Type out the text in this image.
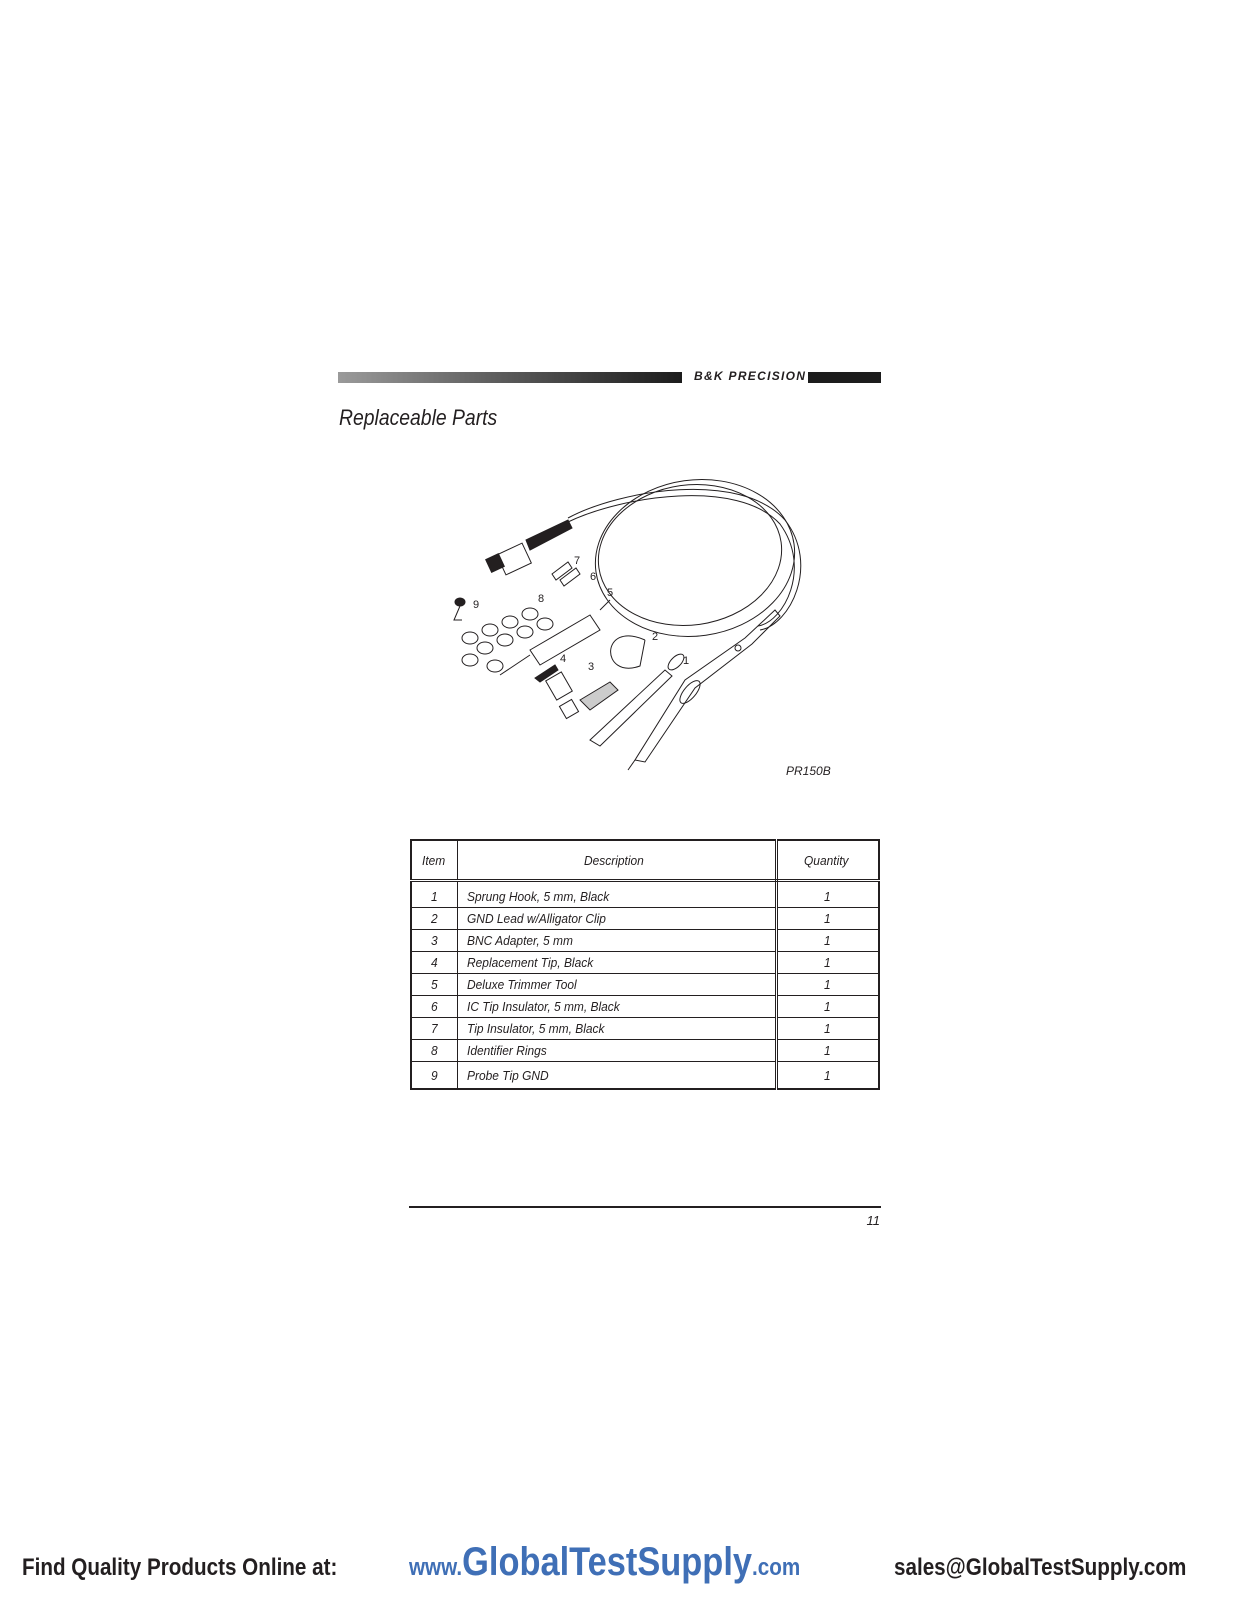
B&K PRECISION
Replaceable Parts
7
6
5
8
9
2
1
4
3
PR150B
Item	Description	Quantity
1	Sprung Hook, 5 mm, Black	1
2	GND Lead w/Alligator Clip	1
3	BNC Adapter, 5 mm	1
4	Replacement Tip, Black	1
5	Deluxe Trimmer Tool	1
6	IC Tip Insulator, 5 mm, Black	1
7	Tip Insulator, 5 mm, Black	1
8	Identifier Rings	1
9	Probe Tip GND	1
11
Find Quality Products Online at:	www.GlobalTestSupply.com	sales@GlobalTestSupply.com
